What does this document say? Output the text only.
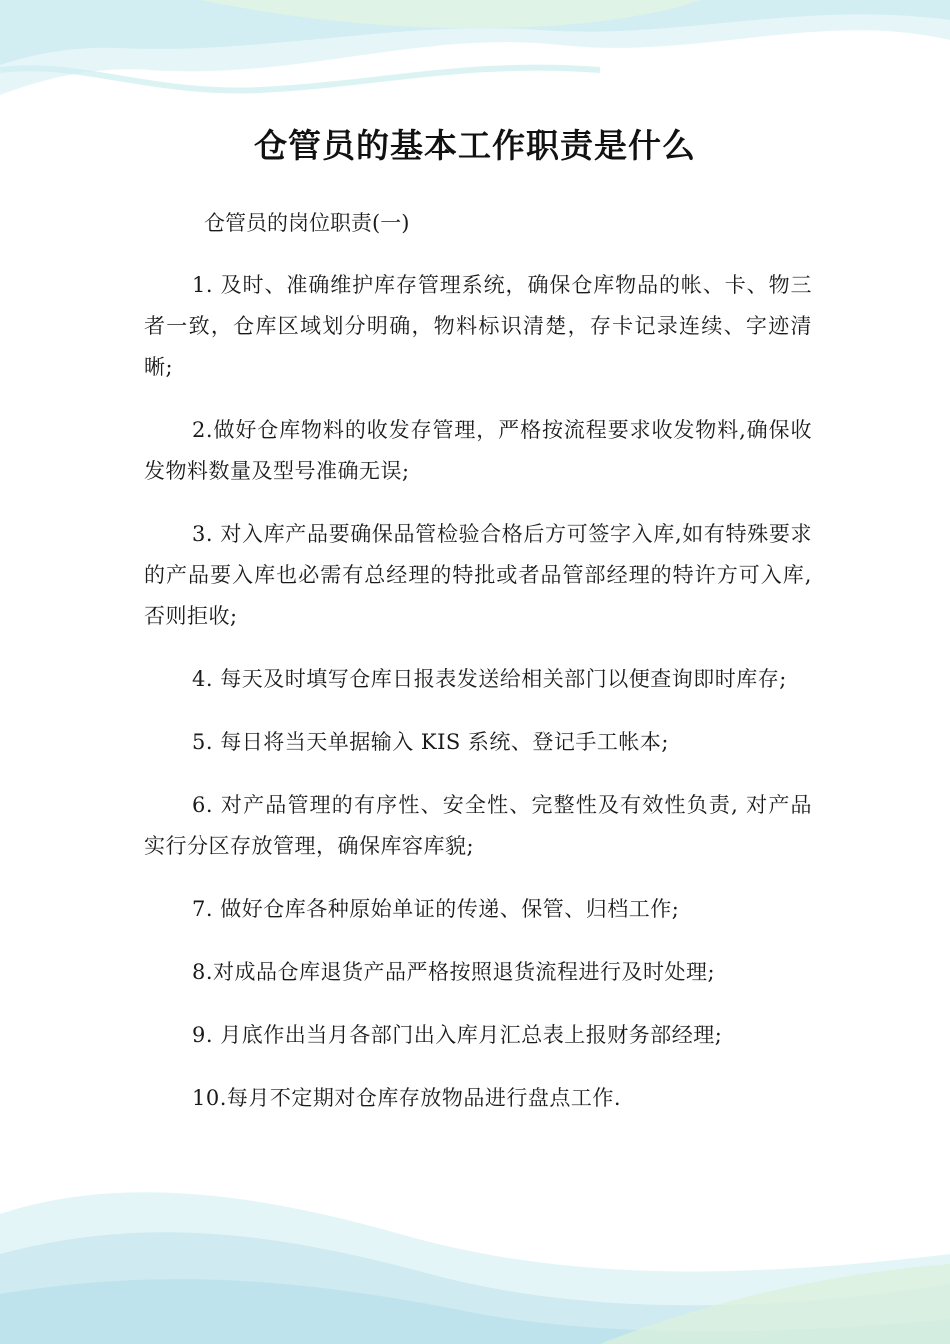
仓管员的基本工作职责是什么

仓管员的岗位职责(一)

1. 及时、准确维护库存管理系统，确保仓库物品的帐、卡、物三者一致，仓库区域划分明确，物料标识清楚，存卡记录连续、字迹清晰;

2.做好仓库物料的收发存管理，严格按流程要求收发物料,确保收发物料数量及型号准确无误;

3. 对入库产品要确保品管检验合格后方可签字入库,如有特殊要求的产品要入库也必需有总经理的特批或者品管部经理的特许方可入库,否则拒收;

4. 每天及时填写仓库日报表发送给相关部门以便查询即时库存;

5. 每日将当天单据输入 KIS 系统、登记手工帐本;

6. 对产品管理的有序性、安全性、完整性及有效性负责, 对产品实行分区存放管理，确保库容库貌;

7. 做好仓库各种原始单证的传递、保管、归档工作;

8.对成品仓库退货产品严格按照退货流程进行及时处理;

9. 月底作出当月各部门出入库月汇总表上报财务部经理;

10.每月不定期对仓库存放物品进行盘点工作.
